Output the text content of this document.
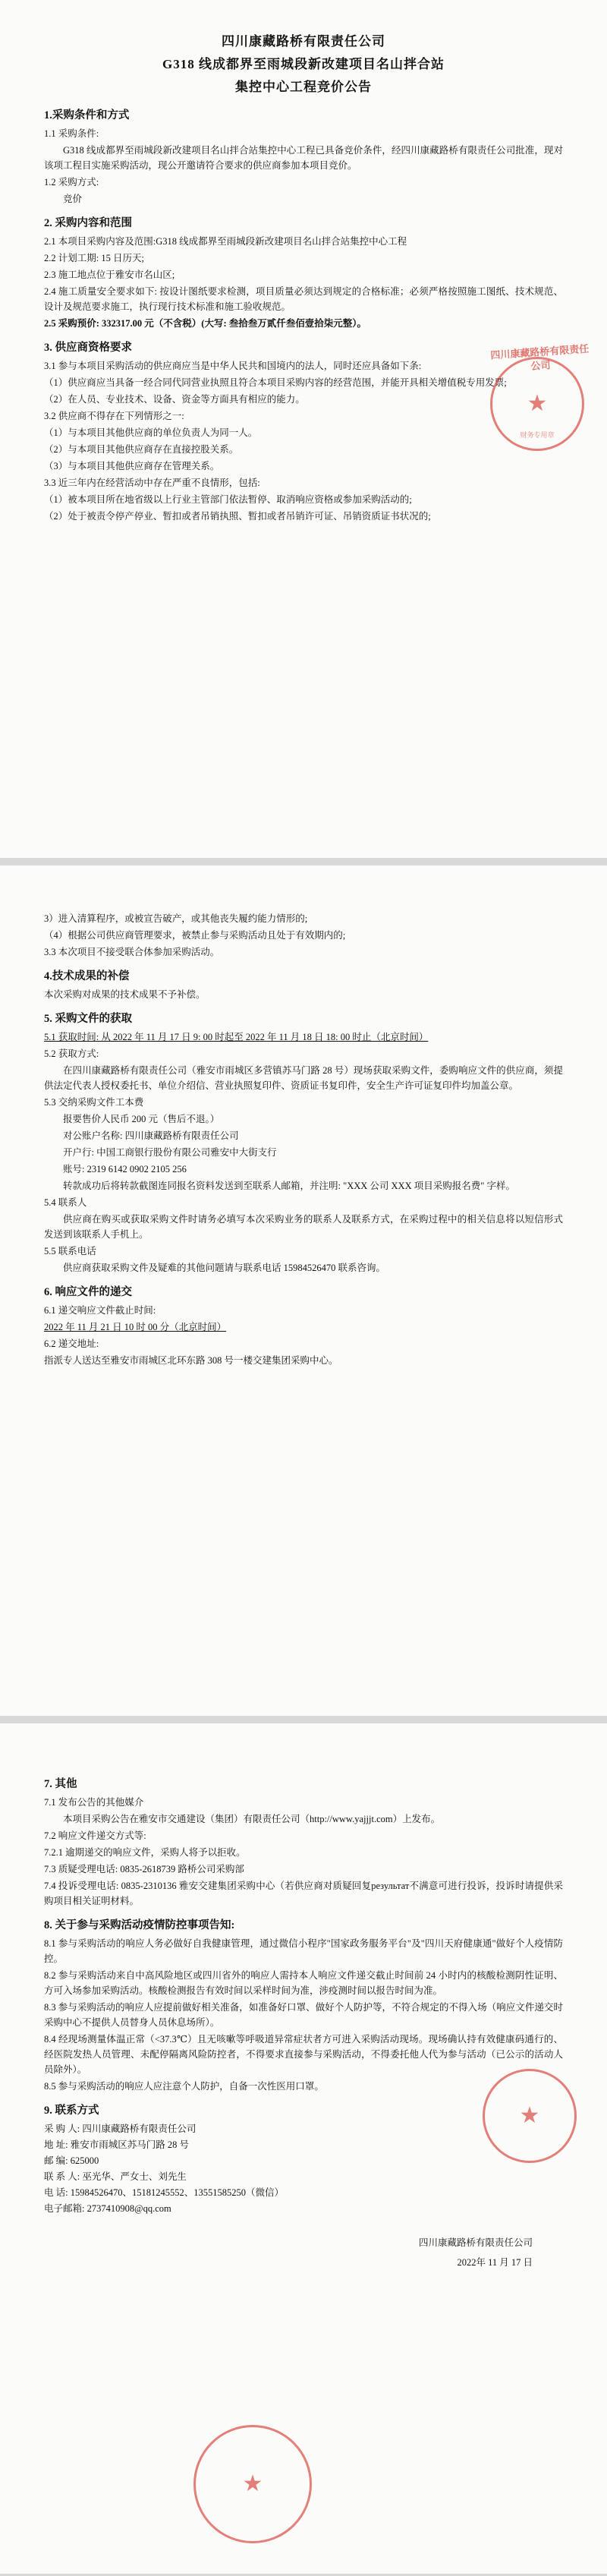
四川康藏路桥有限责任公司
G318 线成都界至雨城段新改建项目名山拌合站
集控中心工程竞价公告
1.采购条件和方式
1.1 采购条件:
G318 线成都界至雨城段新改建项目名山拌合站集控中心工程已具备竞价条件，经四川康藏路桥有限责任公司批准，现对该项工程目实施采购活动，现公开邀请符合要求的供应商参加本项目竞价。
1.2 采购方式:
竞价
2. 采购内容和范围
2.1 本项目采购内容及范围:G318 线成都界至雨城段新改建项目名山拌合站集控中心工程
2.2 计划工期: 15 日历天;
2.3 施工地点位于雅安市名山区;
2.4 施工质量安全要求如下: 按设计图纸要求检测，项目质量必须达到规定的合格标准；必须严格按照施工图纸、技术规范、设计及规范要求施工，执行现行技术标准和施工验收规范。
2.5 采购预价: 332317.00 元（不含税）(大写: 叁拾叁万贰仟叁佰壹拾柒元整）。
3. 供应商资格要求
3.1 参与本项目采购活动的供应商应当是中华人民共和国境内的法人，同时还应具备如下条:
（1）供应商应当具备一经合同代同营业执照且符合本项目采购内容的经营范围，并能开具相关增值税专用发票;
（2）在人员、专业技术、设备、资金等方面具有相应的能力。
3.2 供应商不得存在下列情形之一:
（1）与本项目其他供应商的单位负责人为同一人。
（2）与本项目其他供应商存在直接控股关系。
（3）与本项目其他供应商存在管理关系。
3.3 近三年内在经营活动中存在严重不良情形，包括:
（1）被本项目所在地省级以上行业主管部门依法暂停、取消响应资格或参加采购活动的;
（2）处于被责令停产停业、暂扣或者吊销执照、暂扣或者吊销许可证、吊销资质证书状况的;
★
财务专用章
四川康藏路桥有限责任公司
3）进入清算程序，或被宣告破产，或其他丧失履约能力情形的;
（4）根据公司供应商管理要求，被禁止参与采购活动且处于有效期内的;
3.3 本次项目不接受联合体参加采购活动。
4.技术成果的补偿
本次采购对成果的技术成果不予补偿。
5. 采购文件的获取
5.1 获取时间: 从 2022 年 11 月 17 日 9: 00 时起至 2022 年 11 月 18 日 18: 00 时止（北京时间）
5.2 获取方式:
在四川康藏路桥有限责任公司（雅安市雨城区多营镇苏马门路 28 号）现场获取采购文件，委购响应文件的供应商，须提供法定代表人授权委托书、单位介绍信、营业执照复印件、资质证书复印件，安全生产许可证复印件均加盖公章。
5.3 交纳采购文件工本费
报要售价人民币 200 元（售后不退。）
对公账户名称: 四川康藏路桥有限责任公司
开户行: 中国工商银行股份有限公司雅安中大街支行
账号: 2319 6142 0902 2105 256
转款成功后将转款截图连同报名资料发送到至联系人邮箱，并注明: "XXX 公司 XXX 项目采购报名费" 字样。
5.4 联系人
供应商在购买或获取采购文件时请务必填写本次采购业务的联系人及联系方式，在采购过程中的相关信息将以短信形式发送到该联系人手机上。
5.5 联系电话
供应商获取采购文件及疑难的其他问题请与联系电话 15984526470 联系咨询。
6. 响应文件的递交
6.1 递交响应文件截止时间:
2022 年 11 月 21 日 10 时 00 分（北京时间）
6.2 递交地址:
指派专人送达至雅安市雨城区北环东路 308 号一楼交建集团采购中心。
7. 其他
7.1 发布公告的其他媒介
本项目采购公告在雅安市交通建设（集团）有限责任公司（http://www.yajjjt.com）上发布。
7.2 响应文件递交方式等:
7.2.1 逾期递交的响应文件，采购人将予以拒收。
7.3 质疑受理电话: 0835-2618739 路桥公司采购部
7.4 投诉受理电话: 0835-2310136 雅安交建集团采购中心（若供应商对质疑回复результат不满意可进行投诉，投诉时请提供采购项目相关证明材料。
8. 关于参与采购活动疫情防控事项告知:
8.1 参与采购活动的响应人务必做好自我健康管理，通过微信小程序"国家政务服务平台"及"四川天府健康通"做好个人疫情防控。
8.2 参与采购活动来自中高风险地区或四川省外的响应人需持本人响应文件递交截止时间前 24 小时内的核酸检测阴性证明、方可入场参加采购活动。核酸检测报告有效时间以采样时间为准，涉疫测时间以报告时间为准。
8.3 参与采购活动的响应人应提前做好相关准备，如准备好口罩、做好个人防护等，不符合规定的不得入场（响应文件递交时采购中心不提供人员替身人员休息场所）。
8.4 经现场测量体温正常（<37.3℃）且无咳嗽等呼吸道异常症状者方可进入采购活动现场。现场确认持有效健康码通行的、经医院发热人员管理、未配停隔离风险防控者，不得要求直接参与采购活动，不得委托他人代为参与活动（已公示的活动人员除外）。
8.5 参与采购活动的响应人应注意个人防护，自备一次性医用口罩。
9. 联系方式
采 购 人: 四川康藏路桥有限责任公司
地 址: 雅安市雨城区苏马门路 28 号
邮 编: 625000
联 系 人: 巫光华、严女士、刘先生
电 话: 15984526470、15181245552、13551585250（微信）
电子邮箱: 2737410908@qq.com
四川康藏路桥有限责任公司
2022年 11 月 17 日
★
★
